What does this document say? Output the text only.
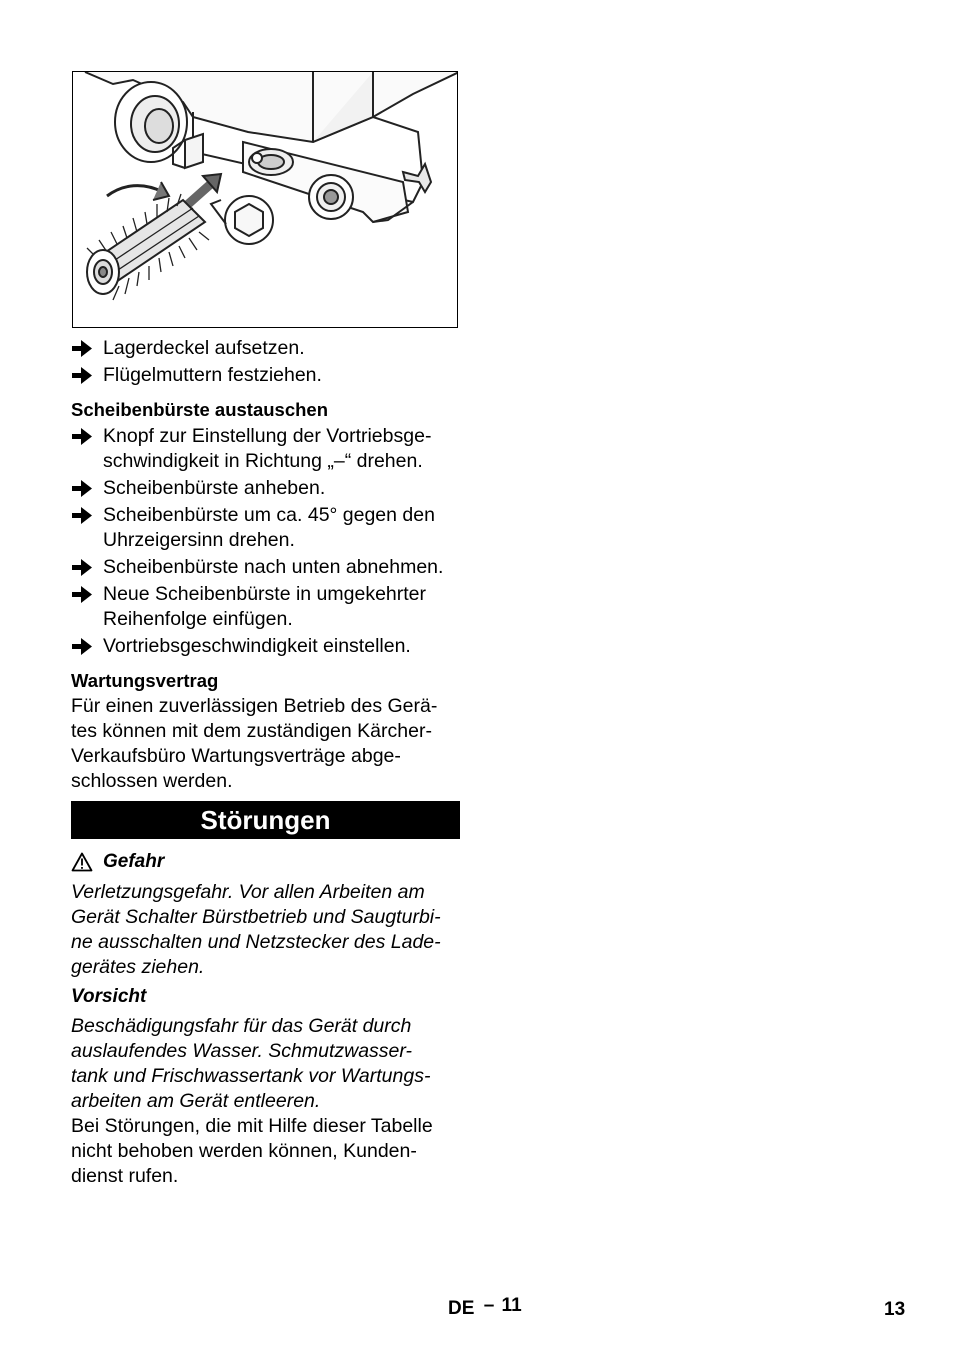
Lagerdeckel aufsetzen.
Flügelmuttern festziehen.
Scheibenbürste austauschen
Knopf zur Einstellung der Vortriebsge-
schwindigkeit in Richtung „–“ drehen.
Scheibenbürste anheben.
Scheibenbürste um ca. 45° gegen den
Uhrzeigersinn drehen.
Scheibenbürste nach unten abnehmen.
Neue Scheibenbürste in umgekehrter
Reihenfolge einfügen.
Vortriebsgeschwindigkeit einstellen.
Wartungsvertrag
Für einen zuverlässigen Betrieb des Gerä-
tes können mit dem zuständigen Kärcher-
Verkaufsbüro Wartungsverträge abge-
schlossen werden.
Störungen
Gefahr
Verletzungsgefahr. Vor allen Arbeiten am
Gerät Schalter Bürstbetrieb und Saugturbi-
ne ausschalten und Netzstecker des Lade-
gerätes ziehen.
Vorsicht
Beschädigungsfahr für das Gerät durch
auslaufendes Wasser. Schmutzwasser-
tank und Frischwassertank vor Wartungs-
arbeiten am Gerät entleeren.
Bei Störungen, die mit Hilfe dieser Tabelle
nicht behoben werden können, Kunden-
dienst rufen.
DE – 11	13
